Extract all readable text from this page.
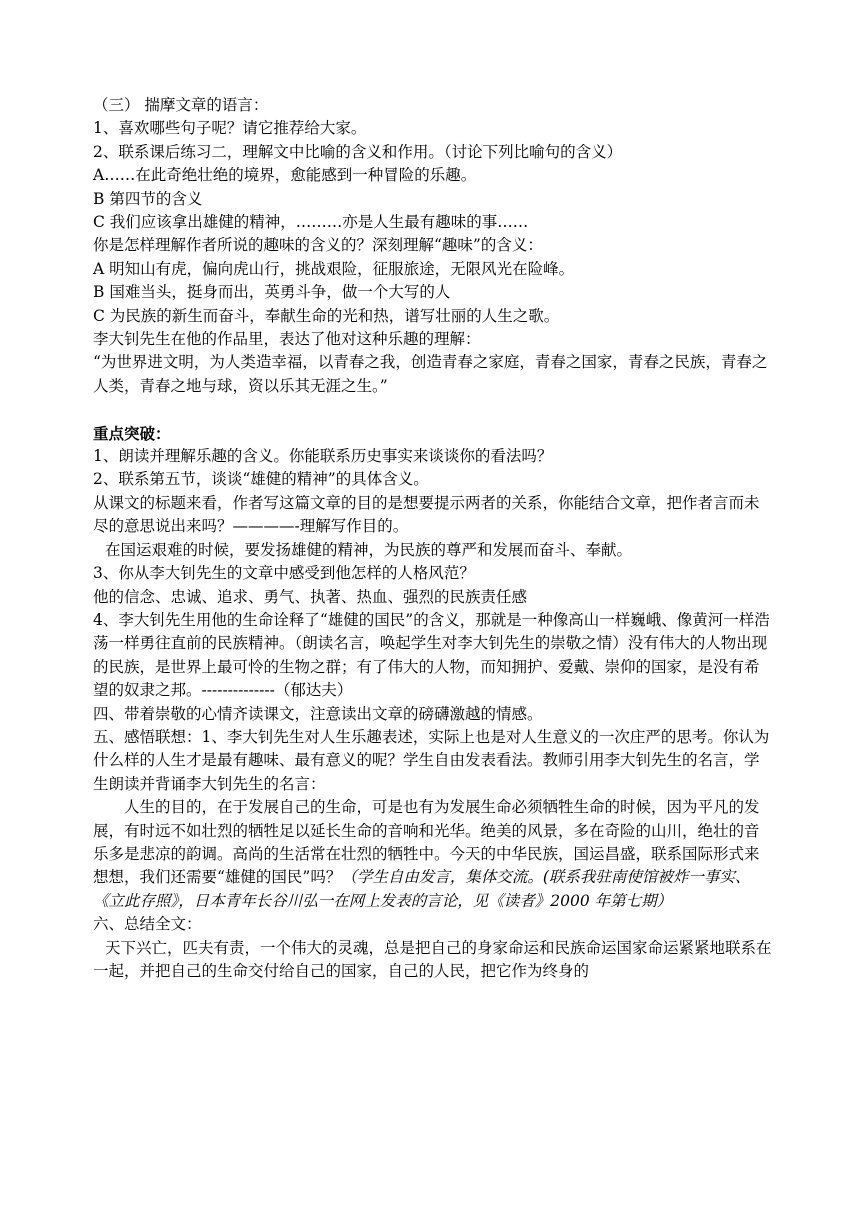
（三） 揣摩文章的语言：

1、喜欢哪些句子呢？请它推荐给大家。

2、联系课后练习二，理解文中比喻的含义和作用。（讨论下列比喻句的含义）

A……在此奇绝壮绝的境界，愈能感到一种冒险的乐趣。

B 第四节的含义

C 我们应该拿出雄健的精神，………亦是人生最有趣味的事……

你是怎样理解作者所说的趣味的含义的？深刻理解“趣味”的含义：

A 明知山有虎，偏向虎山行，挑战艰险，征服旅途，无限风光在险峰。

B 国难当头，挺身而出，英勇斗争，做一个大写的人

C 为民族的新生而奋斗，奉献生命的光和热，谱写壮丽的人生之歌。

李大钊先生在他的作品里，表达了他对这种乐趣的理解：

“为世界进文明，为人类造幸福，以青春之我，创造青春之家庭，青春之国家，青春之民族，青春之人类，青春之地与球，资以乐其无涯之生。”

重点突破：

1、朗读并理解乐趣的含义。你能联系历史事实来谈谈你的看法吗？

2、联系第五节，谈谈“雄健的精神”的具体含义。

从课文的标题来看，作者写这篇文章的目的是想要提示两者的关系，你能结合文章，把作者言而未尽的意思说出来吗？————-理解写作目的。

在国运艰难的时候，要发扬雄健的精神，为民族的尊严和发展而奋斗、奉献。

3、你从李大钊先生的文章中感受到他怎样的人格风范？

他的信念、忠诚、追求、勇气、执著、热血、强烈的民族责任感

4、李大钊先生用他的生命诠释了“雄健的国民”的含义，那就是一种像高山一样巍峨、像黄河一样浩荡一样勇往直前的民族精神。（朗读名言，唤起学生对李大钊先生的崇敬之情）没有伟大的人物出现的民族，是世界上最可怜的生物之群；有了伟大的人物，而知拥护、爱戴、崇仰的国家，是没有希望的奴隶之邦。--------------（郁达夫）

四、带着崇敬的心情齐读课文，注意读出文章的磅礴激越的情感。

五、感悟联想：1、李大钊先生对人生乐趣表述，实际上也是对人生意义的一次庄严的思考。你认为什么样的人生才是最有趣味、最有意义的呢？学生自由发表看法。教师引用李大钊先生的名言，学生朗读并背诵李大钊先生的名言：

人生的目的，在于发展自己的生命，可是也有为发展生命必须牺牲生命的时候，因为平凡的发展，有时远不如壮烈的牺牲足以延长生命的音响和光华。绝美的风景，多在奇险的山川，绝壮的音乐多是悲凉的韵调。高尚的生活常在壮烈的牺牲中。今天的中华民族，国运昌盛，联系国际形式来想想，我们还需要“雄健的国民”吗？（学生自由发言，集体交流。(联系我驻南使馆被炸一事实、《立此存照》，日本青年长谷川弘一在网上发表的言论，见《读者》2000 年第七期）

六、总结全文：

天下兴亡，匹夫有责，一个伟大的灵魂，总是把自己的身家命运和民族命运国家命运紧紧地联系在一起，并把自己的生命交付给自己的国家，自己的人民，把它作为终身的
